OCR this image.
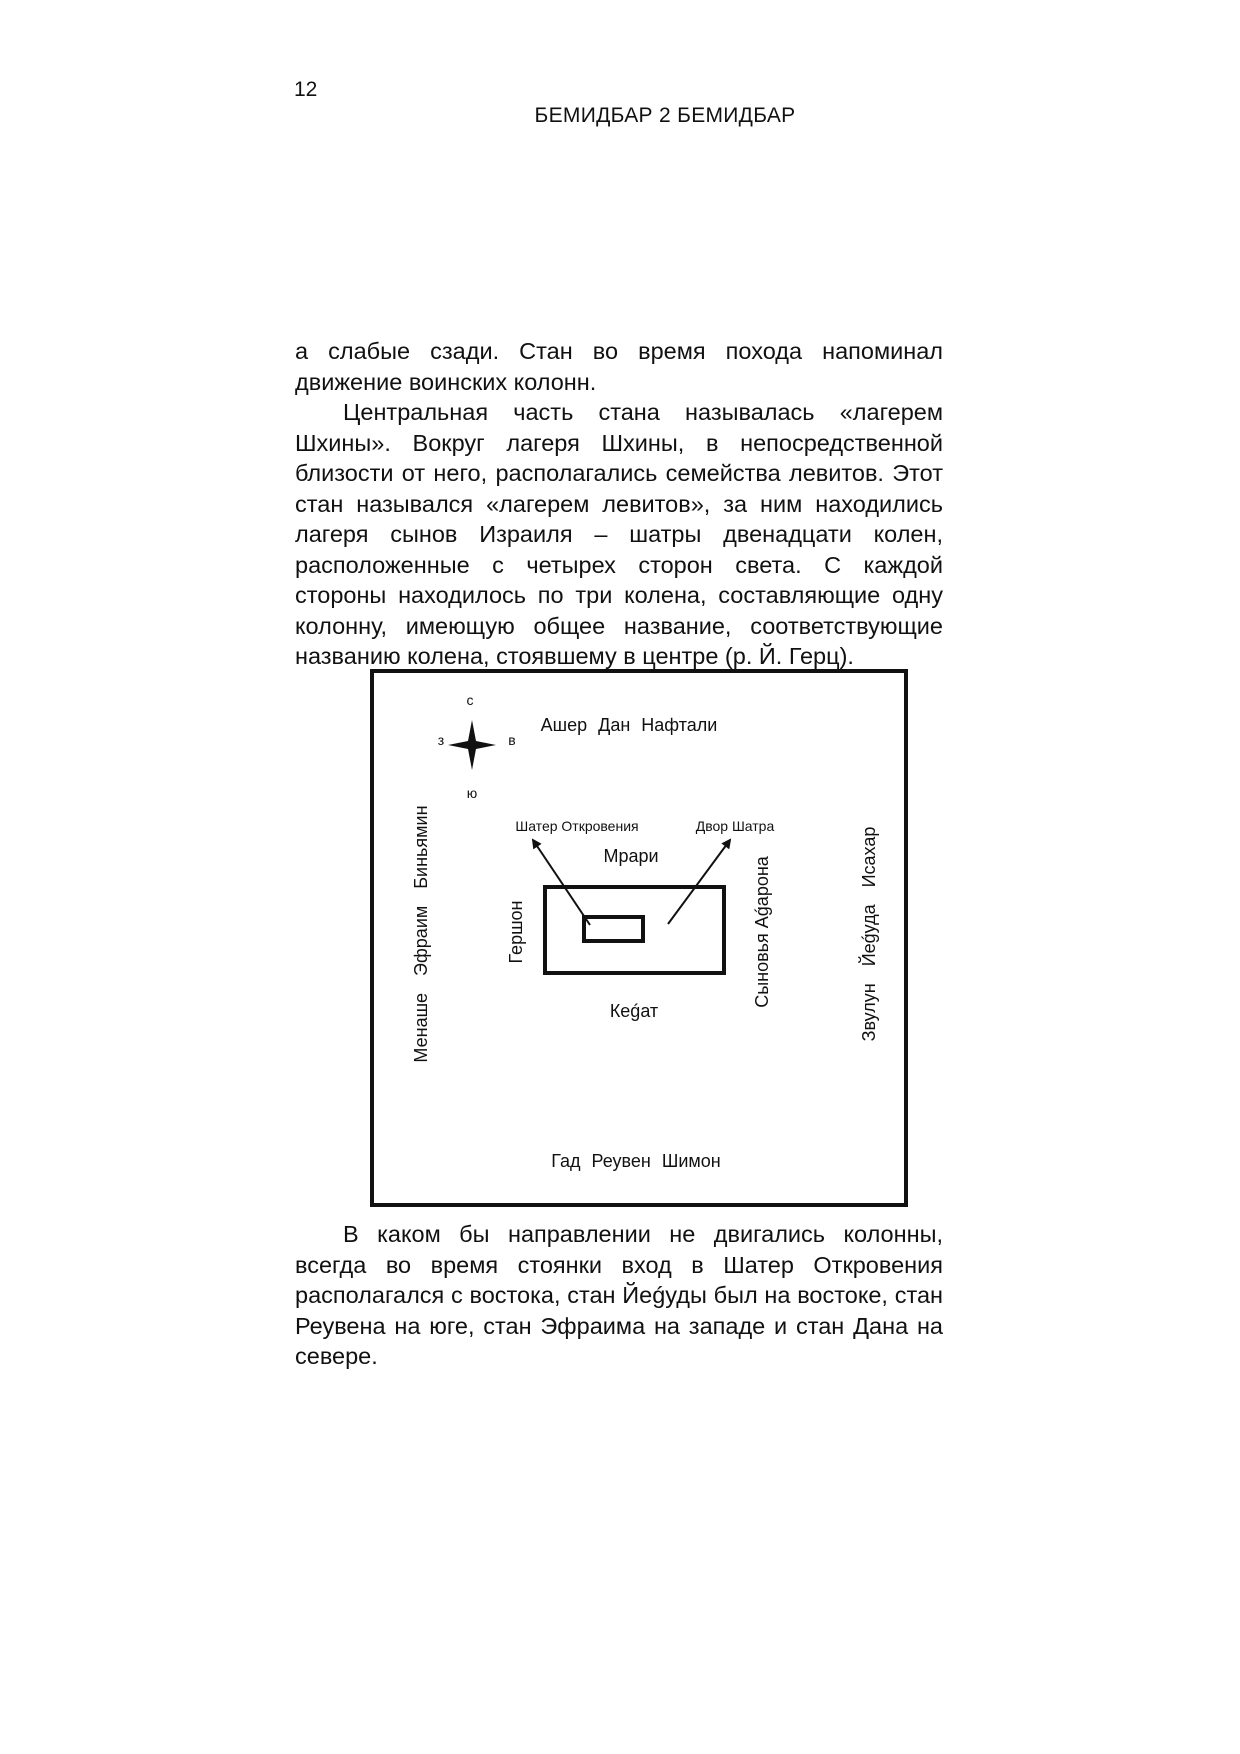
12
БЕМИДБАР 2 БЕМИДБАР

а слабые сзади. Стан во время похода напоминал движение воинских колонн.

Центральная часть стана называлась «лагерем Шхины». Вокруг лагеря Шхины, в непосредственной близости от него, располагались семейства левитов. Этот стан назывался «лагерем левитов», за ним находились лагеря сынов Израиля – шатры двенадцати колен, расположенные с четырех сторон света. С каждой стороны находилось по три колена, составляющие одну колонну, имеющую общее название, соответствующие названию колена, стоявшему в центре (р. Й. Герц).

с
з	в
ю
Ашер Дан Нафтали
Гад Реувен Шимон
Менаше Эфраим Биньямин	Звулун Йеǵуда Исахар
Шатер Откровения	Двор Шатра
Мрари
Кеǵат
Гершон	Сыновья Аǵарона

В каком бы направлении не двигались колонны, всегда во время стоянки вход в Шатер Откровения располагался с востока, стан Йеǵуды был на востоке, стан Реувена на юге, стан Эфраима на западе и стан Дана на севере.
